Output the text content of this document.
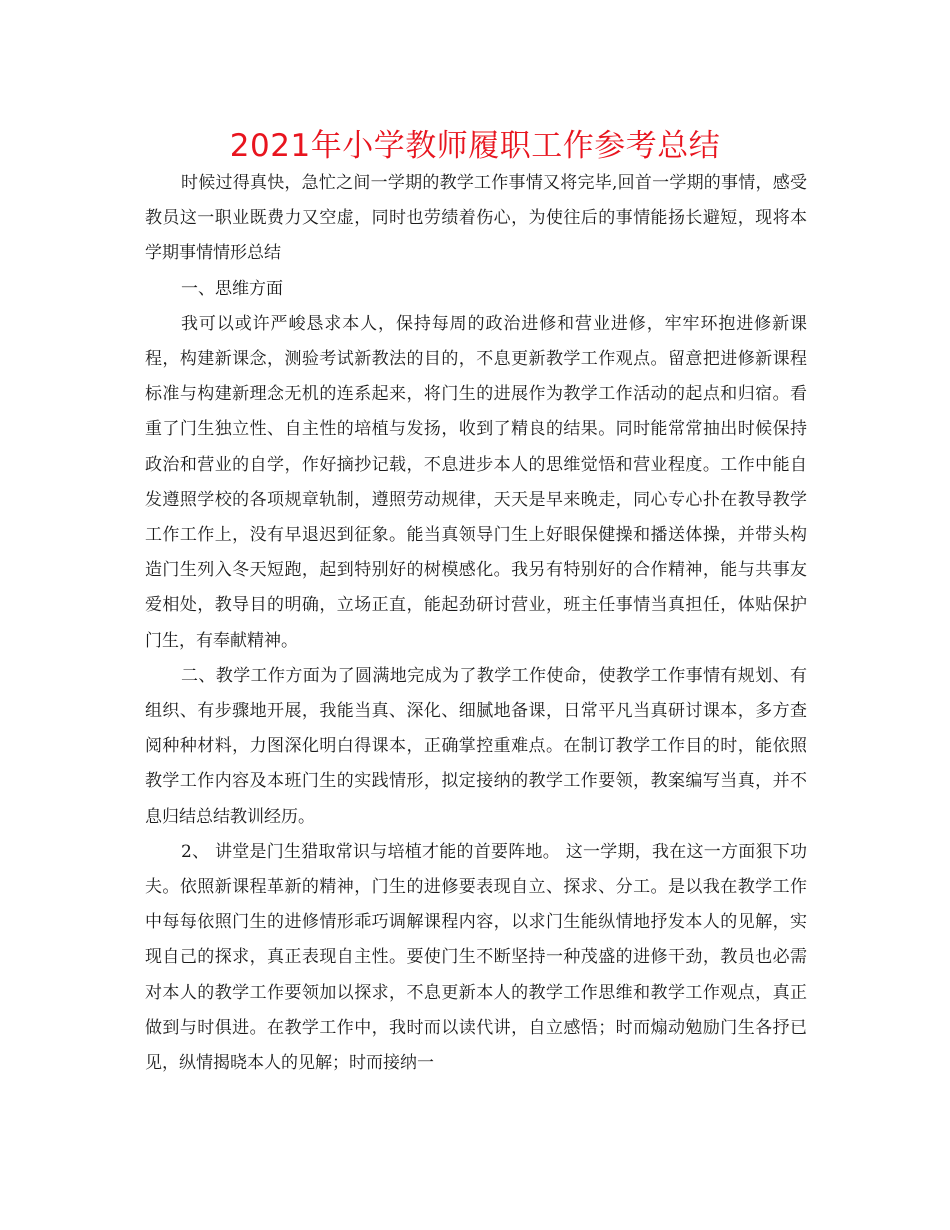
2021年小学教师履职工作参考总结

时候过得真快，急忙之间一学期的教学工作事情又将完毕,回首一学期的事情，感受教员这一职业既费力又空虚，同时也劳绩着伤心，为使往后的事情能扬长避短，现将本学期事情情形总结

一、思维方面

我可以或许严峻恳求本人，保持每周的政治进修和营业进修，牢牢环抱进修新课程，构建新课念，测验考试新教法的目的，不息更新教学工作观点。留意把进修新课程标准与构建新理念无机的连系起来，将门生的进展作为教学工作活动的起点和归宿。看重了门生独立性、自主性的培植与发扬，收到了精良的结果。同时能常常抽出时候保持政治和营业的自学，作好摘抄记载，不息进步本人的思维觉悟和营业程度。工作中能自发遵照学校的各项规章轨制，遵照劳动规律，天天是早来晚走，同心专心扑在教导教学工作工作上，没有早退迟到征象。能当真领导门生上好眼保健操和播送体操，并带头构造门生列入冬天短跑，起到特别好的树模感化。我另有特别好的合作精神，能与共事友爱相处，教导目的明确，立场正直，能起劲研讨营业，班主任事情当真担任，体贴保护门生，有奉献精神。

二、教学工作方面为了圆满地完成为了教学工作使命，使教学工作事情有规划、有组织、有步骤地开展，我能当真、深化、细腻地备课，日常平凡当真研讨课本，多方查阅种种材料，力图深化明白得课本，正确掌控重难点。在制订教学工作目的时，能依照教学工作内容及本班门生的实践情形，拟定接纳的教学工作要领，教案编写当真，并不息归结总结教训经历。

2、 讲堂是门生猎取常识与培植才能的首要阵地。 这一学期，我在这一方面狠下功夫。依照新课程革新的精神，门生的进修要表现自立、探求、分工。是以我在教学工作中每每依照门生的进修情形乖巧调解课程内容，以求门生能纵情地抒发本人的见解，实现自己的探求，真正表现自主性。要使门生不断坚持一种茂盛的进修干劲，教员也必需对本人的教学工作要领加以探求，不息更新本人的教学工作思维和教学工作观点，真正做到与时俱进。在教学工作中，我时而以读代讲，自立感悟；时而煽动勉励门生各抒已见，纵情揭晓本人的见解；时而接纳一
